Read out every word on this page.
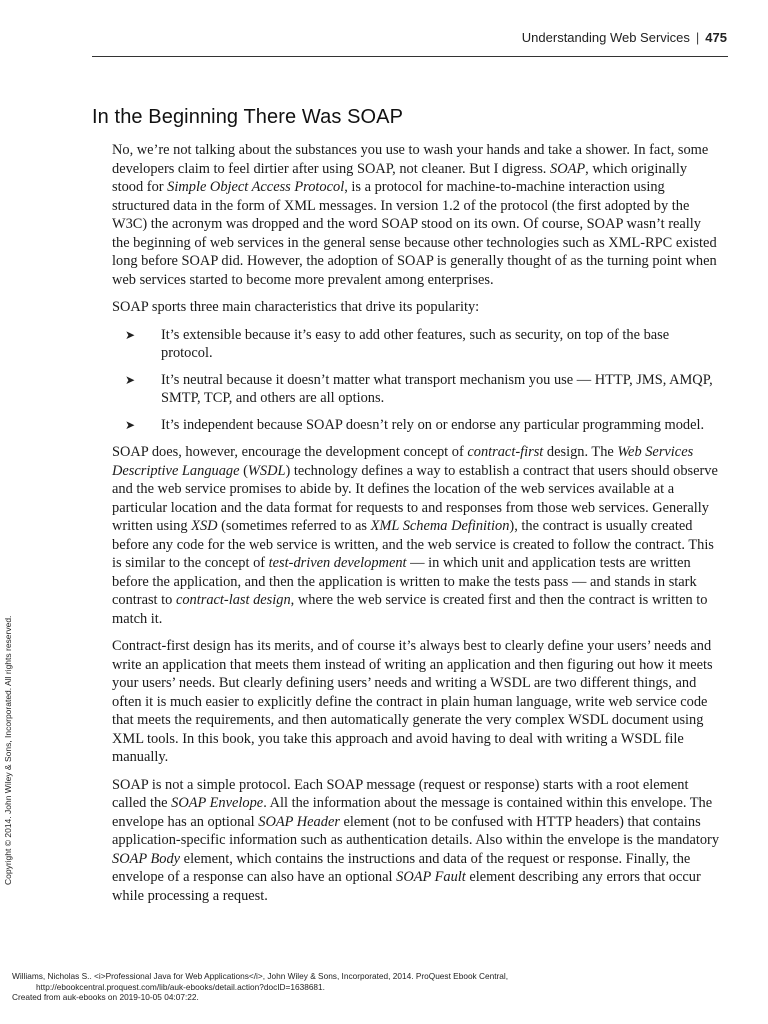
Understanding Web Services | 475
In the Beginning There Was SOAP

No, we’re not talking about the substances you use to wash your hands and take a shower. In fact, some developers claim to feel dirtier after using SOAP, not cleaner. But I digress. SOAP, which originally stood for Simple Object Access Protocol, is a protocol for machine-to-machine interaction using structured data in the form of XML messages. In version 1.2 of the protocol (the first adopted by the W3C) the acronym was dropped and the word SOAP stood on its own. Of course, SOAP wasn’t really the beginning of web services in the general sense because other technologies such as XML-RPC existed long before SOAP did. However, the adoption of SOAP is generally thought of as the turning point when web services started to become more prevalent among enterprises.

SOAP sports three main characteristics that drive its popularity:

➤ It’s extensible because it’s easy to add other features, such as security, on top of the base protocol.
➤ It’s neutral because it doesn’t matter what transport mechanism you use — HTTP, JMS, AMQP, SMTP, TCP, and others are all options.
➤ It’s independent because SOAP doesn’t rely on or endorse any particular programming model.

SOAP does, however, encourage the development concept of contract-first design. The Web Services Descriptive Language (WSDL) technology defines a way to establish a contract that users should observe and the web service promises to abide by. It defines the location of the web services available at a particular location and the data format for requests to and responses from those web services. Generally written using XSD (sometimes referred to as XML Schema Definition), the contract is usually created before any code for the web service is written, and the web service is created to follow the contract. This is similar to the concept of test-driven development — in which unit and application tests are written before the application, and then the application is written to make the tests pass — and stands in stark contrast to contract-last design, where the web service is created first and then the contract is written to match it.

Contract-first design has its merits, and of course it’s always best to clearly define your users’ needs and write an application that meets them instead of writing an application and then figuring out how it meets your users’ needs. But clearly defining users’ needs and writing a WSDL are two different things, and often it is much easier to explicitly define the contract in plain human language, write web service code that meets the requirements, and then automatically generate the very complex WSDL document using XML tools. In this book, you take this approach and avoid having to deal with writing a WSDL file manually.

SOAP is not a simple protocol. Each SOAP message (request or response) starts with a root element called the SOAP Envelope. All the information about the message is contained within this envelope. The envelope has an optional SOAP Header element (not to be confused with HTTP headers) that contains application-specific information such as authentication details. Also within the envelope is the mandatory SOAP Body element, which contains the instructions and data of the request or response. Finally, the envelope of a response can also have an optional SOAP Fault element describing any errors that occur while processing a request.

Copyright © 2014. John Wiley & Sons, Incorporated. All rights reserved.
Williams, Nicholas S.. <i>Professional Java for Web Applications</i>, John Wiley & Sons, Incorporated, 2014. ProQuest Ebook Central,
http://ebookcentral.proquest.com/lib/auk-ebooks/detail.action?docID=1638681.
Created from auk-ebooks on 2019-10-05 04:07:22.
